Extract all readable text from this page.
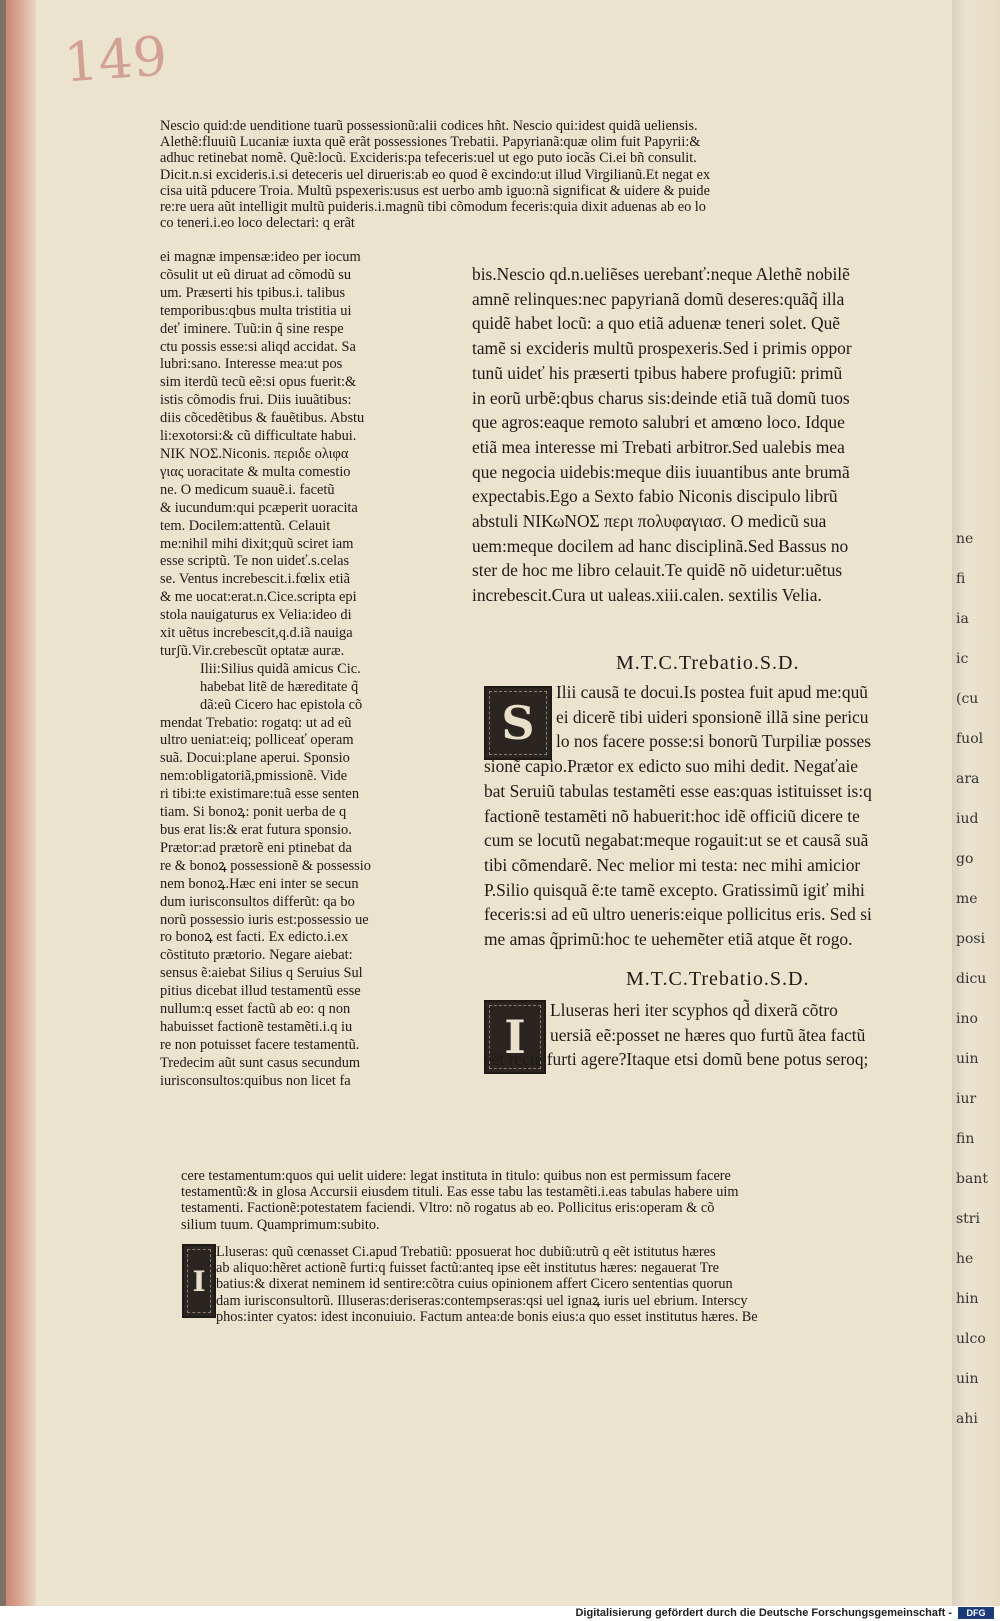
149
Nescio quid:de uenditione tuarũ possessionũ:alii codices hñt. Nescio qui:idest quidã ueliensis.
Alethẽ:fluuiũ Lucaniæ iuxta quẽ erãt possessiones Trebatii. Papyrianã:quæ olim fuit Papyrii:&
adhuc retinebat nomẽ. Quẽ:locũ. Excideris:pa tefeceris:uel ut ego puto iocãs Ci.ei bñ consulit.
Dicit.n.si excideris.i.si deteceris uel dirueris:ab eo quod ẽ excindo:ut illud Virgilianũ.Et negat ex
cisa uitã pducere Troia. Multũ pspexeris:usus est uerbo amb iguo:nã significat & uidere & puide
re:re uera aũt intelligit multũ puideris.i.magnũ tibi cõmodum feceris:quia dixit aduenas ab eo lo
co teneri.i.eo loco delectari: q erãt
ei magnæ impensæ:ideo per iocum
cõsulit ut eũ diruat ad cõmodũ su
um. Præserti his tpibus.i. talibus
temporibus:qbus multa tristitia ui
deť iminere. Tuũ:in q̃ sine respe
ctu possis esse:si aliqd accidat. Sa
lubri:sano. Interesse mea:ut pos
sim iterdũ tecũ eẽ:si opus fuerit:&
istis cõmodis frui. Diis iuuãtibus:
diis cõcedẽtibus & fauẽtibus. Abstu
li:exotorsi:& cũ difficultate habui.
ΝΙΚ ΝΟΣ.Niconis. περιδε ολιφα
γιας uoracitate & multa comestio
ne. O medicum suauẽ.i. facetũ
& iucundum:qui pcæperit uoracita
tem. Docilem:attentũ. Celauit
me:nihil mihi dixit;quũ sciret iam
esse scriptũ. Te non uideť.s.celas
se. Ventus increbescit.i.fœlix etiã
& me uocat:erat.n.Cice.scripta epi
stola nauigaturus ex Velia:ideo di
xit uẽtus increbescit,q.d.iã nauiga
turʃũ.Vir.crebescũt optatæ auræ.
Ilii:Silius quidã amicus Cic.
habebat litẽ de hæreditate q̃
dã:eũ Cicero hac epistola cõ
mendat Trebatio: rogatq: ut ad eũ
ultro ueniat:eiq; polliceať operam
suã. Docui:plane aperui. Sponsio
nem:obligatoriã,pmissionẽ. Vide
ri tibi:te existimare:tuã esse senten
tiam. Si bonoꝝ: ponit uerba de q
bus erat lis:& erat futura sponsio.
Prætor:ad prætorẽ eni ptinebat da
re & bonoꝝ possessionẽ & possessio
nem bonoꝝ.Hæc eni inter se secun
dum iurisconsultos differũt: qa bo
norũ possessio iuris est:possessio ue
ro bonoꝝ est facti. Ex edicto.i.ex
cõstituto prætorio. Negare aiebat:
sensus ẽ:aiebat Silius q Seruius Sul
pitius dicebat illud testamentũ esse
nullum:q esset factũ ab eo: q non
habuisset factionẽ testamẽti.i.q iu
re non potuisset facere testamentũ.
Tredecim aũt sunt casus secundum
iurisconsultos:quibus non licet fa
bis.Nescio qd.n.ueliẽses uerebanť:neque Alethẽ nobilẽ
amnẽ relinques:nec papyrianã domũ deseres:quãq̃ illa
quidẽ habet locũ: a quo etiã aduenæ teneri solet. Quẽ
tamẽ si excideris multũ prospexeris.Sed i primis oppor
tunũ uideť his præserti tpibus habere profugiũ: primũ
in eorũ urbẽ:qbus charus sis:deinde etiã tuã domũ tuos
que agros:eaque remoto salubri et amœno loco. Idque
etiã mea interesse mi Trebati arbitror.Sed ualebis mea
que negocia uidebis:meque diis iuuantibus ante brumã
expectabis.Ego a Sexto fabio Niconis discipulo librũ
abstuli ΝΙΚωΝΟΣ περι πολυφαγιασ. O medicũ sua
uem:meque docilem ad hanc disciplinã.Sed Bassus no
ster de hoc me libro celauit.Te quidẽ nõ uidetur:uẽtus
increbescit.Cura ut ualeas.xiii.calen. sextilis Velia.
M.T.C.Trebatio.S.D.
S
Ilii causã te docui.Is postea fuit apud me:quũ
ei dicerẽ tibi uideri sponsionẽ illã sine pericu
lo nos facere posse:si bonorũ Turpiliæ posses
sionẽ capio.Prætor ex edicto suo mihi dedit. Negaťaie
bat Seruiũ tabulas testamẽti esse eas:quas istituisset is:q
factionẽ testamẽti nõ habuerit:hoc idẽ officiũ dicere te
cum se locutũ negabat:meque rogauit:ut se et causã suã
tibi cõmendarẽ. Nec melior mi testa: nec mihi amicior
P.Silio quisquã ẽ:te tamẽ excepto. Gratissimũ igiť mihi
feceris:si ad eũ ultro ueneris:eique pollicitus eris. Sed si
me amas q̃primũ:hoc te uehemẽter etiã atque ẽt rogo.
M.T.C.Trebatio.S.D.
I Lluseras heri iter scyphos qd̃ dixerã cõtro
uersiã eẽ:posset ne hæres quo furtũ ãtea factũ
eẽt recte furti agere?Itaque etsi domũ bene potus seroq;
cere testamentum:quos qui uelit uidere: legat instituta in titulo: quibus non est permissum facere
testamentũ:& in glosa Accursii eiusdem tituli. Eas esse tabu las testamẽti.i.eas tabulas habere uim
testamenti. Factionẽ:potestatem faciendi. Vltro: nõ rogatus ab eo. Pollicitus eris:operam & cõ
silium tuum. Quamprimum:subito.
I
Lluseras: quũ cœnasset Ci.apud Trebatiũ: pposuerat hoc dubiũ:utrũ q eẽt istitutus hæres
ab aliquo:hẽret actionẽ furti:q fuisset factũ:anteq ipse eẽt institutus hæres: negauerat Tre
batius:& dixerat neminem id sentire:cõtra cuius opinionem affert Cicero sententias quorun
dam iurisconsultorũ. Illuseras:deriseras:contempseras:qsi uel ignaꝝ iuris uel ebrium. Interscy
phos:inter cyatos: idest inconuiuio. Factum antea:de bonis eius:a quo esset institutus hæres. Be
ne
fi
ia
ic
(cu
fuol
ara
iud
go
me
posi
dicu
ino
uin
iur
fin
bant
stri
he
hin
ulco
uin
ahi
Digitalisierung gefördert durch die Deutsche Forschungsgemeinschaft -	DFG
